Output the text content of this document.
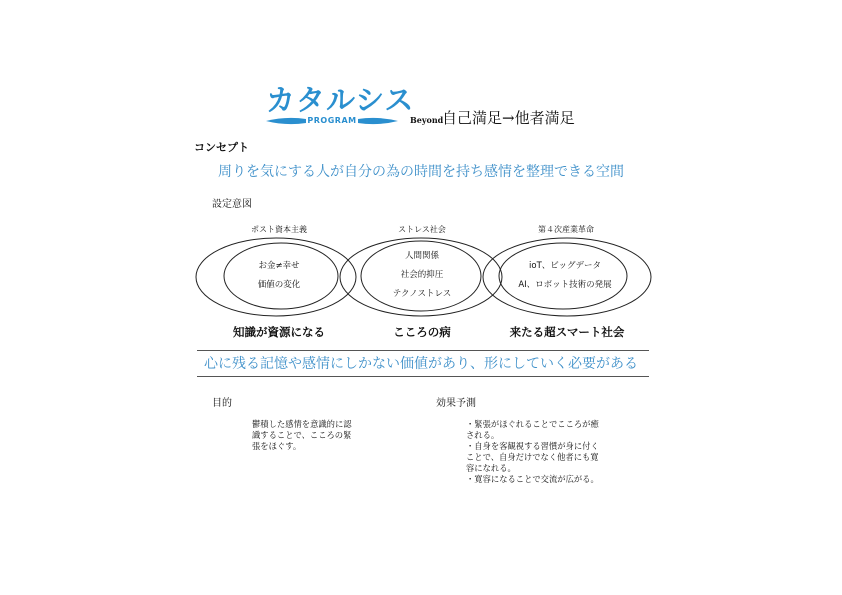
カタルシス
PROGRAM	Beyond
自己満足→他者満足
コンセプト
周りを気にする人が自分の為の時間を持ち感情を整理できる空間
設定意図
ポスト資本主義	ストレス社会	第４次産業革命
お金≠幸せ
価値の変化
人間関係
社会的抑圧
テクノストレス
ioT、ビッグデータ
AI、ロボット技術の発展
知識が資源になる	こころの病	来たる超スマート社会
心に残る記憶や感情にしかない価値があり、形にしていく必要がある
目的
鬱積した感情を意識的に認
識することで、こころの緊
張をほぐす。
効果予測
・緊張がほぐれることでこころが癒
される。
・自身を客観視する習慣が身に付く
ことで、自身だけでなく他者にも寛
容になれる。
・寛容になることで交流が広がる。
